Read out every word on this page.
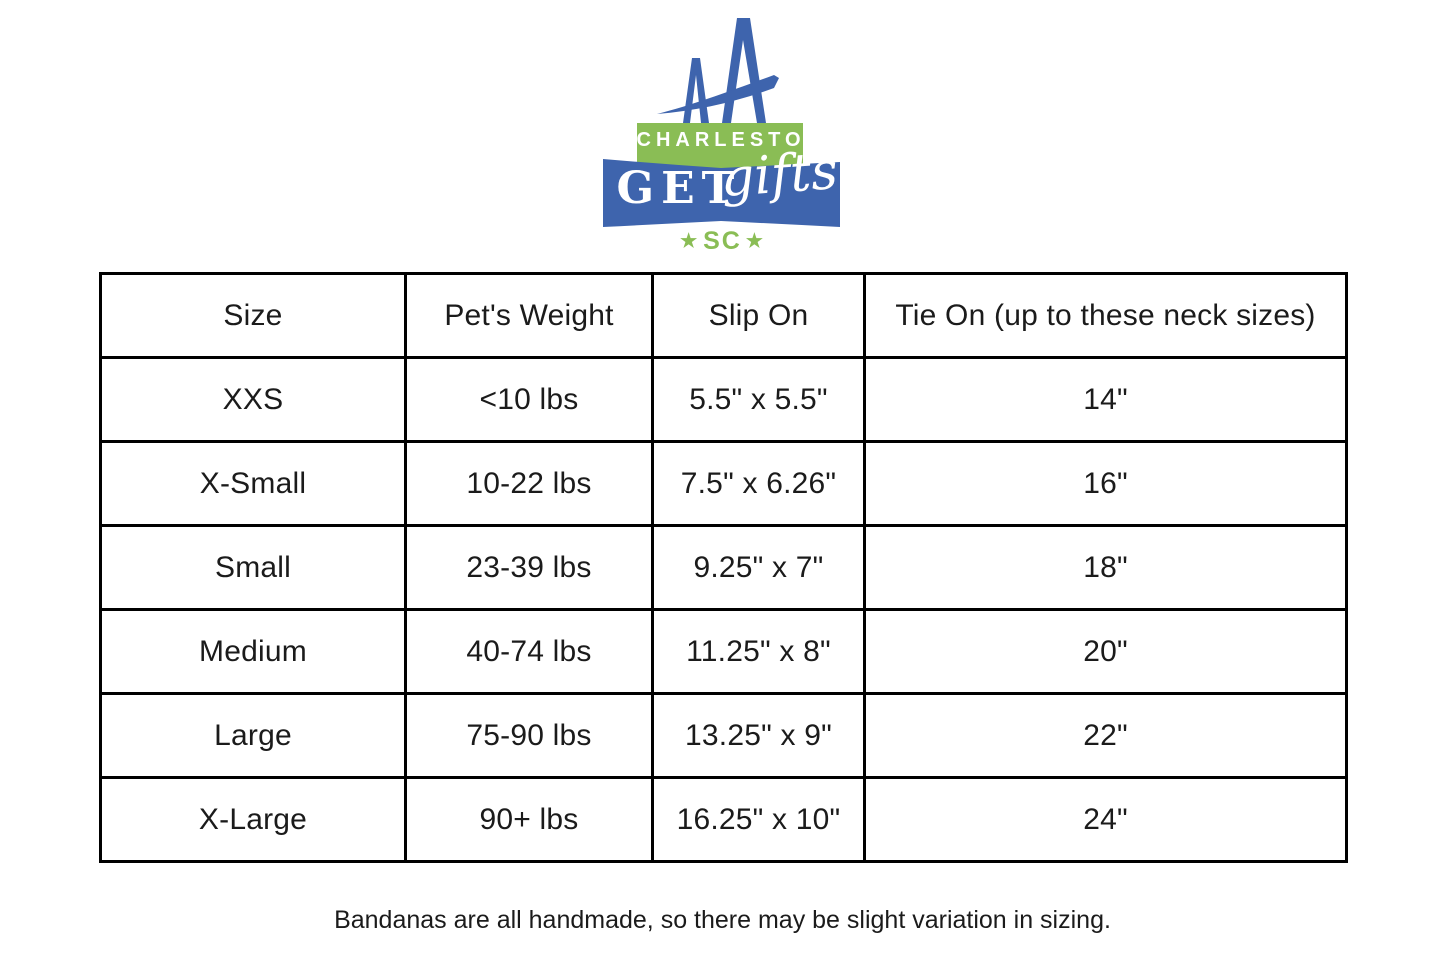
CHARLESTON
GET
gifts
★ SC ★
Size	Pet's Weight	Slip On	Tie On (up to these neck sizes)
XXS	<10 lbs	5.5" x 5.5"	14"
X-Small	10-22 lbs	7.5" x 6.26"	16"
Small	23-39 lbs	9.25" x 7"	18"
Medium	40-74 lbs	11.25" x 8"	20"
Large	75-90 lbs	13.25" x 9"	22"
X-Large	90+ lbs	16.25" x 10"	24"

Bandanas are all handmade, so there may be slight variation in sizing.
